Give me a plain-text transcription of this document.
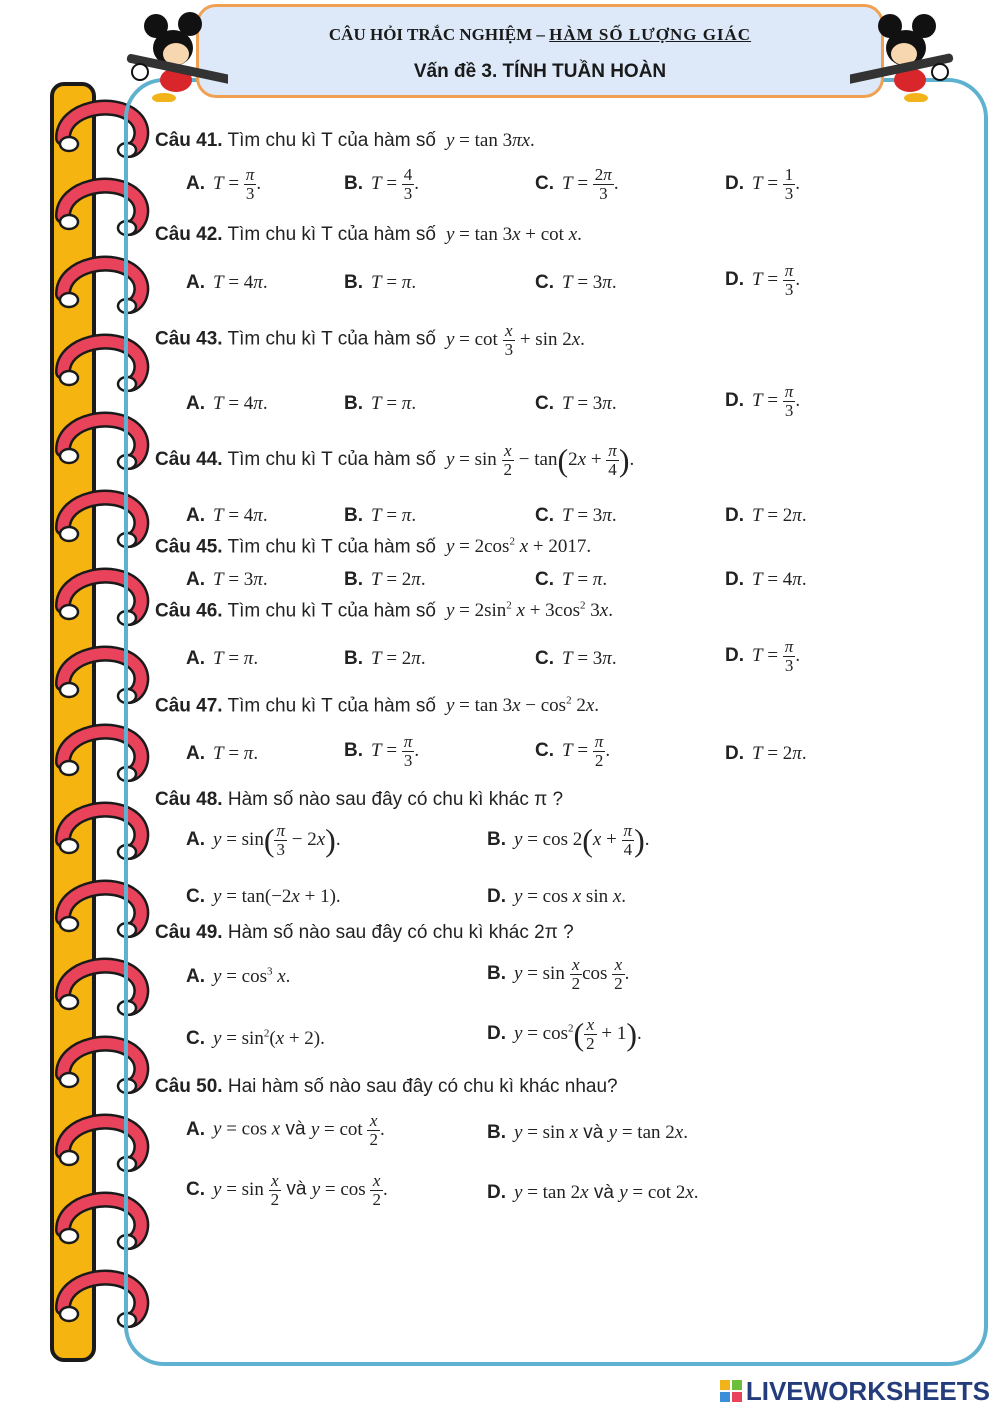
CÂU HỎI TRẮC NGHIỆM – HÀM SỐ LƯỢNG GIÁC
Vấn đề 3. TÍNH TUẦN HOÀN
Câu 41. Tìm chu kì T của hàm số y = tan 3πx.
A. $T = \frac{\pi}{3}$ .	B. $T = \frac{4}{3}$ .	C. $T = \frac{2\pi}{3}$ .	D. $T = \frac{1}{3}$ .
Câu 42. Tìm chu kì T của hàm số y = tan 3x + cot x.
A. T = 4π.	B. T = π.	C. T = 3π.	D. $T = \frac{\pi}{3}$ .
Câu 43. Tìm chu kì T của hàm số $y = \cot \frac{x}{3} + \sin 2x$.
A. T = 4π.	B. T = π.	C. T = 3π.	D. $T = \frac{\pi}{3}$ .
Câu 44. Tìm chu kì T của hàm số $y = \sin \frac{x}{2} - \tan(2x + \frac{\pi}{4}$ ).
A. T = 4π.	B. T = π.	C. T = 3π.	D. T = 2π.
Câu 45. Tìm chu kì T của hàm số $y = 2\cos^2$ x + 2017.
A. T = 3π.	B. T = 2π.	C. T = π.	D. T = 4π.
Câu 46. Tìm chu kì T của hàm số $y = 2\sin^2$ $x + 3\cos^2$ 3x.
A. T = π.	B. T = 2π.	C. T = 3π.	D. $T = \frac{\pi}{3}$ .
Câu 47. Tìm chu kì T của hàm số $y = \tan 3x - \cos^2 2x$.
A. T = π.	B. $T = \frac{\pi}{3}$ .	C. $T = \frac{\pi}{2}$ .	D. T = 2π.
Câu 48. Hàm số nào sau đây có chu kì khác π ?
A. $y = \sin( \frac{\pi}{3} - 2x)$.	B. $y = \cos 2(x + \frac{\pi}{4}$ ).
C. y = tan(−2x + 1).	D. y = cos x sin x.
Câu 49. Hàm số nào sau đây có chu kì khác 2π ?
A. $y = \cos^3 x$.	B. $y = \sin \frac{x}{2}$ $\cos \frac{x}{2}$ .
C. $y = \sin^2(x + 2)$.	D. $y = \cos^2( \frac{x}{2} + 1)$.
Câu 50. Hai hàm số nào sau đây có chu kì khác nhau?
A. y = cos x và $y = \cot \frac{x}{2}$ .	B. y = sin x và y = tan 2x.
C. $y = \sin \frac{x}{2}$ và $y = \cos \frac{x}{2}$ .	D. y = tan 2x và y = cot 2x.
LIVEWORKSHEETS
